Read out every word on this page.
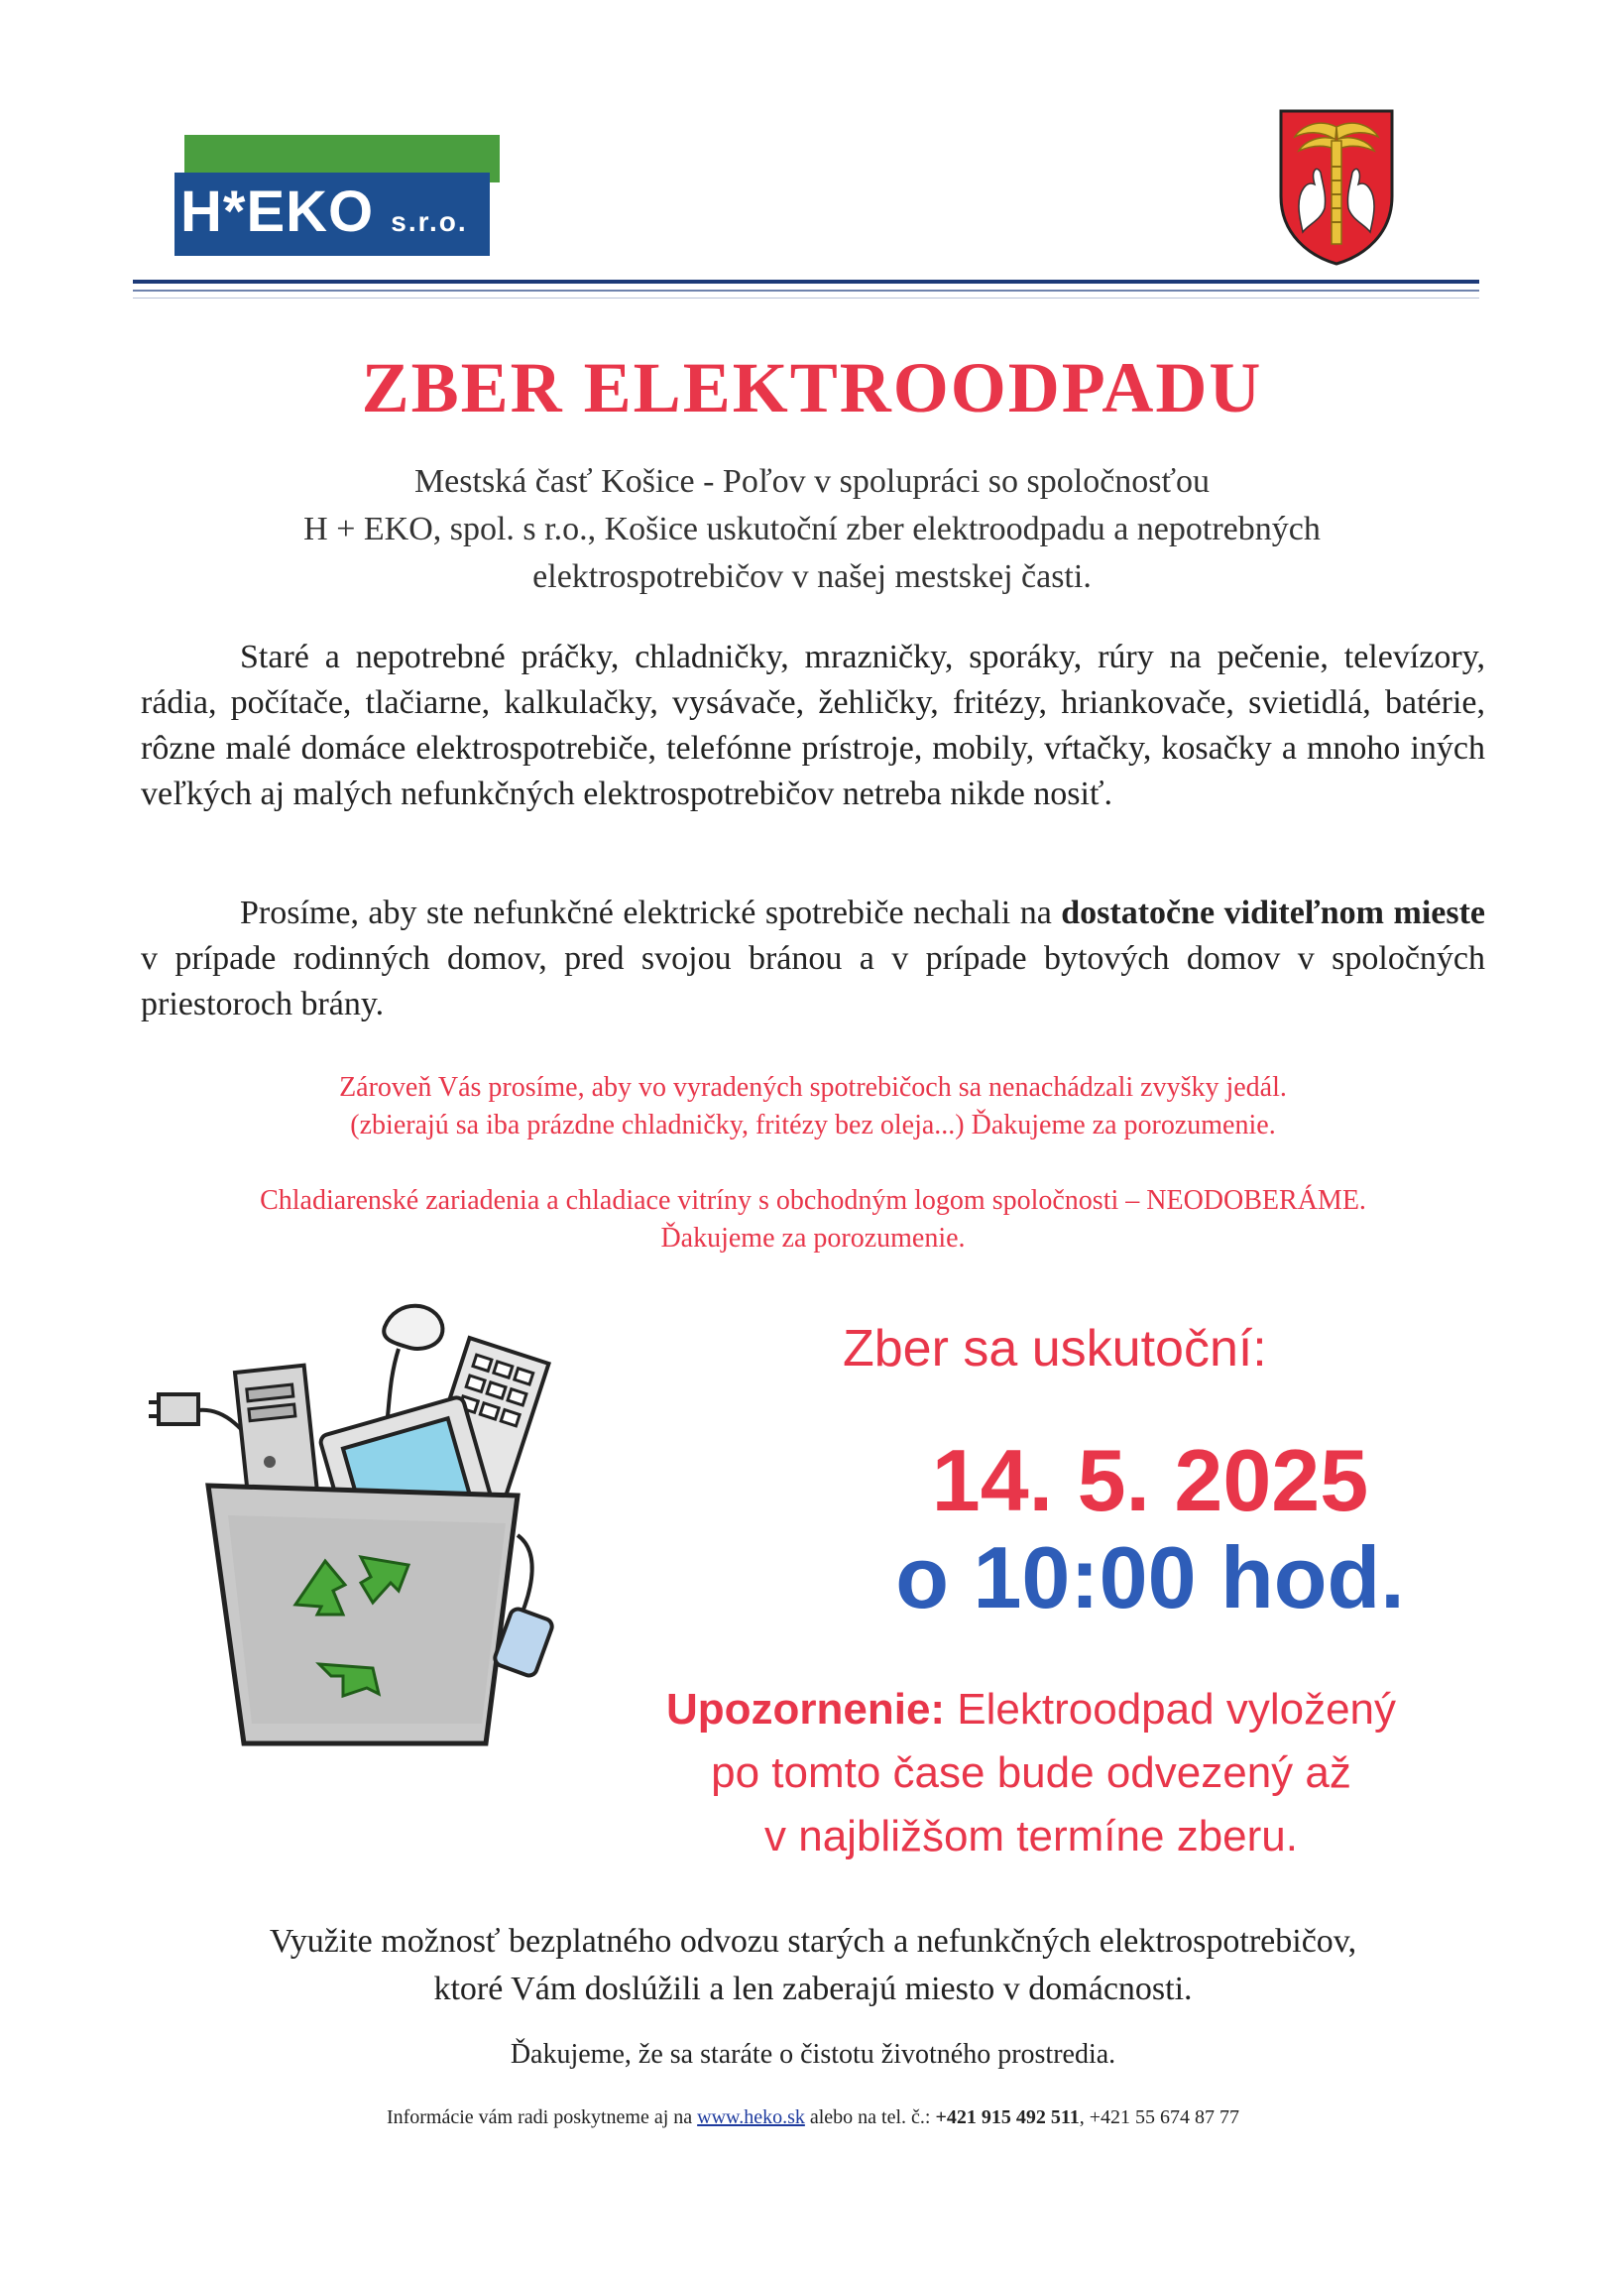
H*EKO s.r.o.
ZBER ELEKTROODPADU
Mestská časť Košice - Poľov v spolupráci so spoločnosťou
H + EKO, spol. s r.o., Košice uskutoční zber elektroodpadu a nepotrebných
elektrospotrebičov v našej mestskej časti.

Staré a nepotrebné práčky, chladničky, mrazničky, sporáky, rúry na pečenie, televízory, rádia, počítače, tlačiarne, kalkulačky, vysávače, žehličky, fritézy, hriankovače, svietidlá, batérie, rôzne malé domáce elektrospotrebiče, telefónne prístroje, mobily, vŕtačky, kosačky a mnoho iných veľkých aj malých nefunkčných elektrospotrebičov netreba nikde nosiť.

Prosíme, aby ste nefunkčné elektrické spotrebiče nechali na dostatočne viditeľnom mieste v prípade rodinných domov, pred svojou bránou a v prípade bytových domov v spoločných priestoroch brány.

Zároveň Vás prosíme, aby vo vyradených spotrebičoch sa nenachádzali zvyšky jedál.
(zbierajú sa iba prázdne chladničky, fritézy bez oleja...) Ďakujeme za porozumenie.
Chladiarenské zariadenia a chladiace vitríny s obchodným logom spoločnosti – NEODOBERÁME.
Ďakujeme za porozumenie.
Zber sa uskutoční:
14. 5. 2025
o 10:00 hod.
Upozornenie: Elektroodpad vyložený
po tomto čase bude odvezený až
v najbližšom termíne zberu.
Využite možnosť bezplatného odvozu starých a nefunkčných elektrospotrebičov,
ktoré Vám doslúžili a len zaberajú miesto v domácnosti.
Ďakujeme, že sa staráte o čistotu životného prostredia.
Informácie vám radi poskytneme aj na www.heko.sk alebo na tel. č.: +421 915 492 511, +421 55 674 87 77
